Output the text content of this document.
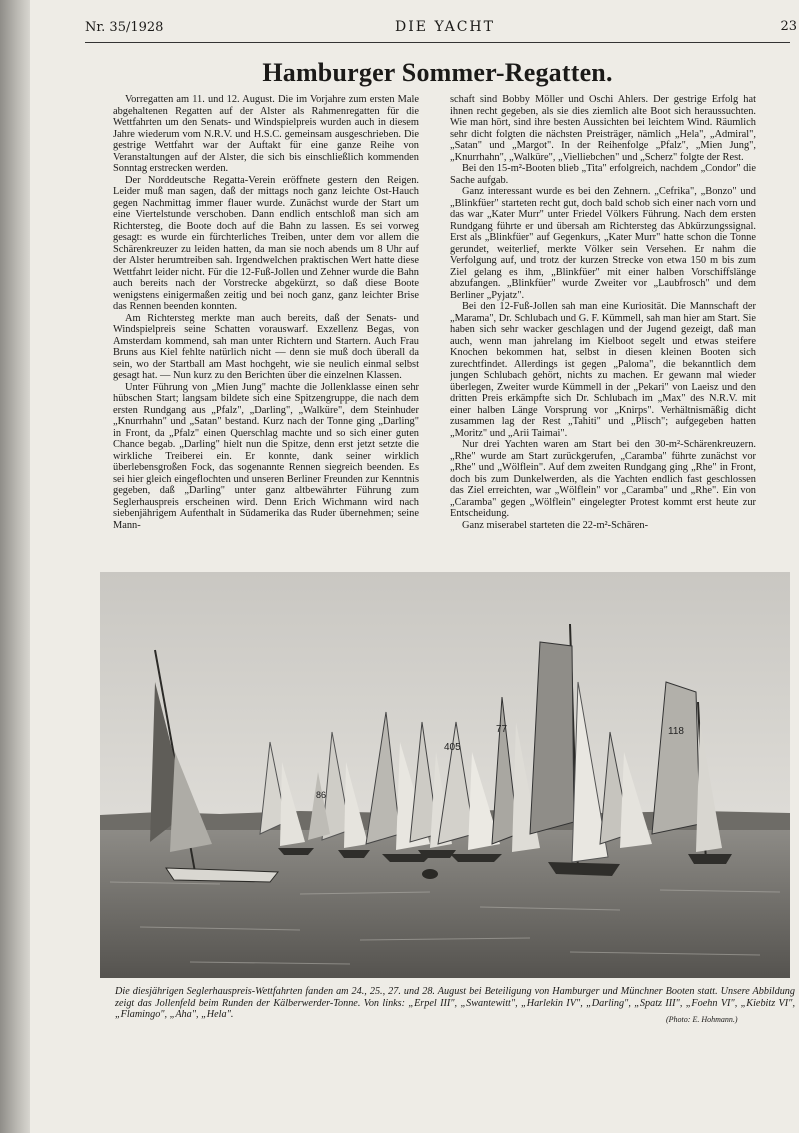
Nr. 35/1928	DIE YACHT	23
Hamburger Sommer-Regatten.

Vorregatten am 11. und 12. August. Die im Vorjahre zum ersten Male abgehaltenen Regatten auf der Alster als Rahmenregatten für die Wettfahrten um den Senats- und Windspielpreis wurden auch in diesem Jahre wiederum vom N.R.V. und H.S.C. gemeinsam ausgeschrieben. Die gestrige Wettfahrt war der Auftakt für eine ganze Reihe von Veranstaltungen auf der Alster, die sich bis einschließlich kommenden Sonntag erstrecken werden.

Der Norddeutsche Regatta-Verein eröffnete gestern den Reigen. Leider muß man sagen, daß der mittags noch ganz leichte Ost-Hauch gegen Nachmittag immer flauer wurde. Zunächst wurde der Start um eine Viertelstunde verschoben. Dann endlich entschloß man sich am Richtersteg, die Boote doch auf die Bahn zu lassen. Es sei vorweg gesagt: es wurde ein fürchterliches Treiben, unter dem vor allem die Schärenkreuzer zu leiden hatten, da man sie noch abends um 8 Uhr auf der Alster herumtreiben sah. Irgendwelchen praktischen Wert hatte diese Wettfahrt leider nicht. Für die 12-Fuß-Jollen und Zehner wurde die Bahn auch bereits nach der Vorstrecke abgekürzt, so daß diese Boote wenigstens einigermaßen zeitig und bei noch ganz, ganz leichter Brise das Rennen beenden konnten.

Am Richtersteg merkte man auch bereits, daß der Senats- und Windspielpreis seine Schatten vorauswarf. Exzellenz Begas, von Amsterdam kommend, sah man unter Richtern und Startern. Auch Frau Bruns aus Kiel fehlte natürlich nicht — denn sie muß doch überall da sein, wo der Startball am Mast hochgeht, wie sie neulich einmal selbst gesagt hat. — Nun kurz zu den Berichten über die einzelnen Klassen.

Unter Führung von „Mien Jung" machte die Jollenklasse einen sehr hübschen Start; langsam bildete sich eine Spitzengruppe, die nach dem ersten Rundgang aus „Pfalz", „Darling", „Walküre", dem Steinhuder „Knurrhahn" und „Satan" bestand. Kurz nach der Tonne ging „Darling" in Front, da „Pfalz" einen Querschlag machte und so sich einer guten Chance begab. „Darling" hielt nun die Spitze, denn erst jetzt setzte die wirkliche Treiberei ein. Er konnte, dank seiner wirklich überlebensgroßen Fock, das sogenannte Rennen siegreich beenden. Es sei hier gleich eingeflochten und unseren Berliner Freunden zur Kenntnis gegeben, daß „Darling" unter ganz altbewährter Führung zum Seglerhauspreis erscheinen wird. Denn Erich Wichmann wird nach siebenjährigem Aufenthalt in Südamerika das Ruder übernehmen; seine Mann-

schaft sind Bobby Möller und Oschi Ahlers. Der gestrige Erfolg hat ihnen recht gegeben, als sie dies ziemlich alte Boot sich heraussuchten. Wie man hört, sind ihre besten Aussichten bei leichtem Wind. Räumlich sehr dicht folgten die nächsten Preisträger, nämlich „Hela", „Admiral", „Satan" und „Margot". In der Reihenfolge „Pfalz", „Mien Jung", „Knurrhahn", „Walküre", „Vielliebchen" und „Scherz" folgte der Rest.

Bei den 15-m²-Booten blieb „Tita" erfolgreich, nachdem „Condor" die Sache aufgab.

Ganz interessant wurde es bei den Zehnern. „Cefrika", „Bonzo" und „Blinkfüer" starteten recht gut, doch bald schob sich einer nach vorn und das war „Kater Murr" unter Friedel Völkers Führung. Nach dem ersten Rundgang führte er und übersah am Richtersteg das Abkürzungssignal. Erst als „Blinkfüer" auf Gegenkurs, „Kater Murr" hatte schon die Tonne gerundet, weiterlief, merkte Völker sein Versehen. Er nahm die Verfolgung auf, und trotz der kurzen Strecke von etwa 150 m bis zum Ziel gelang es ihm, „Blinkfüer" mit einer halben Vorschiffslänge abzufangen. „Blinkfüer" wurde Zweiter vor „Laubfrosch" und dem Berliner „Pyjatz".

Bei den 12-Fuß-Jollen sah man eine Kuriosität. Die Mannschaft der „Marama", Dr. Schlubach und G. F. Kümmell, sah man hier am Start. Sie haben sich sehr wacker geschlagen und der Jugend gezeigt, daß man auch, wenn man jahrelang im Kielboot segelt und etwas steifere Knochen bekommen hat, selbst in diesen kleinen Booten sich zurechtfindet. Allerdings ist gegen „Paloma", die bekanntlich dem jungen Schlubach gehört, nichts zu machen. Er gewann mal wieder überlegen, Zweiter wurde Kümmell in der „Pekari" von Laeisz und den dritten Preis erkämpfte sich Dr. Schlubach im „Max" des N.R.V. mit einer halben Länge Vorsprung vor „Knirps". Verhältnismäßig dicht zusammen lag der Rest „Tahiti" und „Plisch"; aufgegeben hatten „Moritz" und „Arii Taimai".

Nur drei Yachten waren am Start bei den 30-m²-Schärenkreuzern. „Rhe" wurde am Start zurückgerufen, „Caramba" führte zunächst vor „Rhe" und „Wölflein". Auf dem zweiten Rundgang ging „Rhe" in Front, doch bis zum Dunkelwerden, als die Yachten endlich fast geschlossen das Ziel erreichten, war „Wölflein" vor „Caramba" und „Rhe". Ein von „Caramba" gegen „Wölflein" eingelegter Protest kommt erst heute zur Entscheidung.

Ganz miserabel starteten die 22-m²-Schären-

405
77	118
86
Die diesjährigen Seglerhauspreis-Wettfahrten fanden am 24., 25., 27. und 28. August bei Beteiligung von Hamburger und Münchner Booten statt. Unsere Abbildung zeigt das Jollenfeld beim Runden der Kälberwerder-Tonne. Von links: „Erpel III", „Swantewitt", „Harlekin IV", „Darling", „Spatz III", „Foehn VI", „Kiebitz VI", „Flamingo", „Aha", „Hela".	(Photo: E. Hohmann.)
